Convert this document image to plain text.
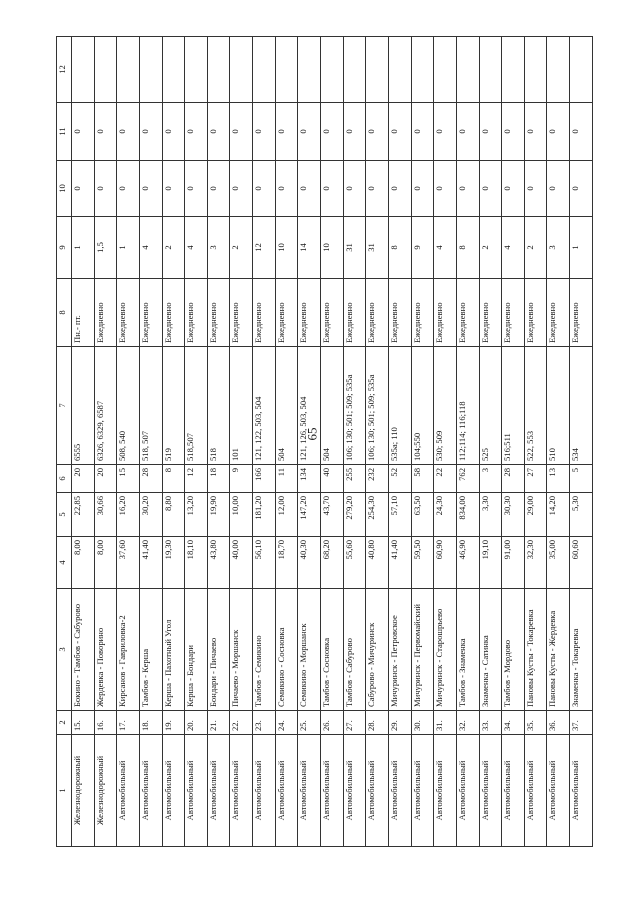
65
1	2	3	4	5	6	7	8	9	10	11	12
Железнодорожный	15.	Бокино - Тамбов - Сабурово	8,00	22,85	20	6555	Пн.- пт.	1	0	0	
Железнодорожный	16.	Жердевка - Поворино	8,00	30,66	20	6326, 6329, 6587	Ежедневно	1,5	0	0	
Автомобильный	17.	Кирсанов - Гавриловка-2	37,60	16,20	15	508, 540	Ежедневно	1	0	0	
Автомобильный	18.	Тамбов - Керша	41,40	30,20	28	518, 507	Ежедневно	4	0	0	
Автомобильный	19.	Керша - Пахотный Угол	19,30	8,80	8	519	Ежедневно	2	0	0	
Автомобильный	20.	Керша - Бондари	18,10	13,20	12	518,507	Ежедневно	4	0	0	
Автомобильный	21.	Бондари - Пичаево	43,80	19,90	18	518	Ежедневно	3	0	0	
Автомобильный	22.	Пичаево - Моршанск	40,00	10,00	9	101	Ежедневно	2	0	0	
Автомобильный	23.	Тамбов - Семикино	56,10	181,20	166	121, 122, 503, 504	Ежедневно	12	0	0	
Автомобильный	24.	Семикино - Сосновка	18,70	12,00	11	504	Ежедневно	10	0	0	
Автомобильный	25.	Семикино - Моршанск	40,30	147,20	134	121, 126, 503, 504	Ежедневно	14	0	0	
Автомобильный	26.	Тамбов - Сосновка	68,20	43,70	40	504	Ежедневно	10	0	0	
Автомобильный	27.	Тамбов - Сабурово	55,60	279,20	255	106; 130; 501; 509; 535а	Ежедневно	31	0	0	
Автомобильный	28.	Сабурово - Мичуринск	40,80	254,30	232	106; 130; 501; 509; 535а	Ежедневно	31	0	0	
Автомобильный	29.	Мичуринск - Петровское	41,40	57,10	52	535а; 110	Ежедневно	8	0	0	
Автомобильный	30.	Мичуринск - Первомайский	59,50	63,50	58	104;550	Ежедневно	9	0	0	
Автомобильный	31.	Мичуринск - Старошрьево	60,90	24,30	22	530; 509	Ежедневно	4	0	0	
Автомобильный	32.	Тамбов - Знаменка	46,90	834,00	762	112;114; 116;118	Ежедневно	8	0	0	
Автомобильный	33.	Знаменка - Сатинка	19,10	3,30	3	525	Ежедневно	2	0	0	
Автомобильный	34.	Тамбов - Мордово	91,00	30,30	28	516;511	Ежедневно	4	0	0	
Автомобильный	35.	Пановы Кусты - Токаревка	32,30	29,00	27	522, 553	Ежедневно	2	0	0	
Автомобильный	36.	Пановы Кусты - Жердевка	35,00	14,20	13	510	Ежедневно	3	0	0	
Автомобильный	37.	Знаменка - Токаревка	60,60	5,30	5	534	Ежедневно	1	0	0	
